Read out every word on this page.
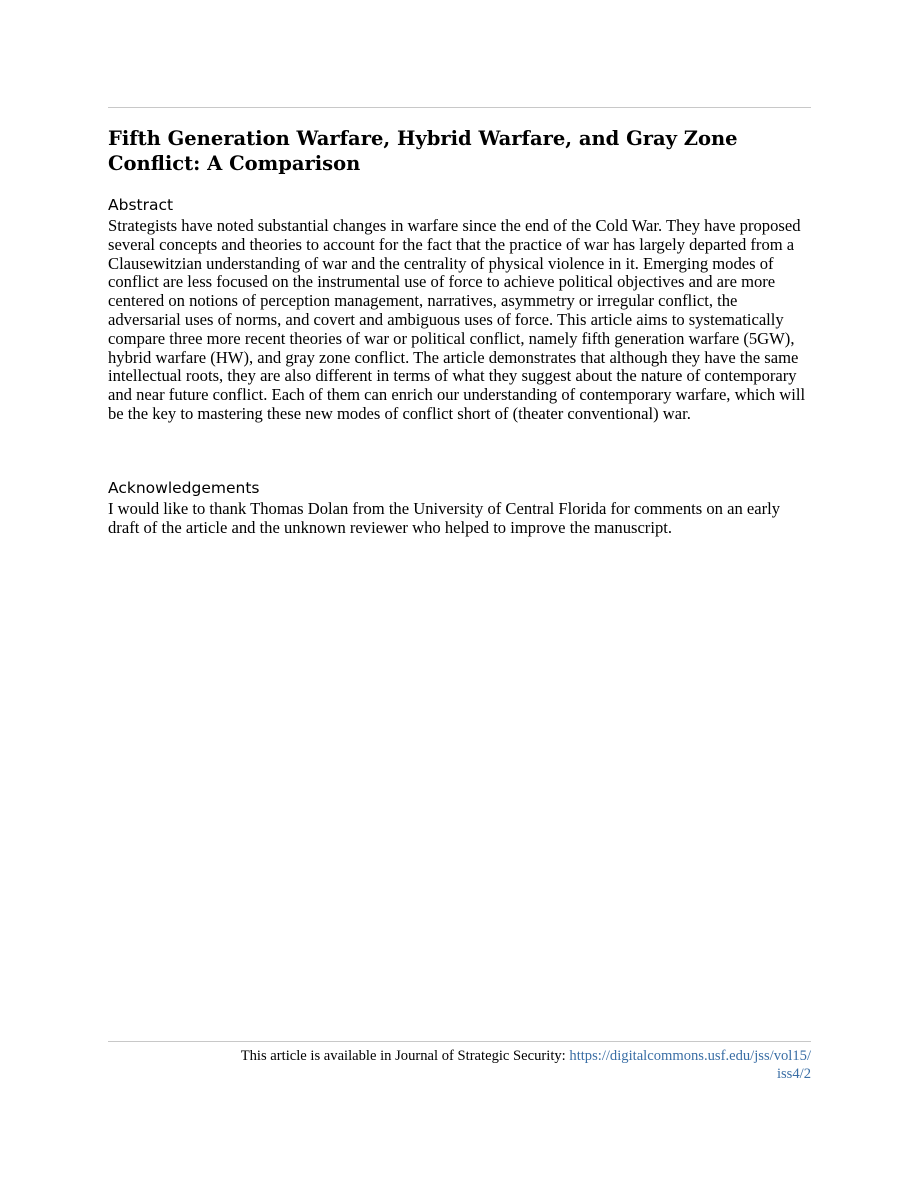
Fifth Generation Warfare, Hybrid Warfare, and Gray Zone Conflict: A Comparison
Abstract

Strategists have noted substantial changes in warfare since the end of the Cold War. They have proposed several concepts and theories to account for the fact that the practice of war has largely departed from a Clausewitzian understanding of war and the centrality of physical violence in it. Emerging modes of conflict are less focused on the instrumental use of force to achieve political objectives and are more centered on notions of perception management, narratives, asymmetry or irregular conflict, the adversarial uses of norms, and covert and ambiguous uses of force. This article aims to systematically compare three more recent theories of war or political conflict, namely fifth generation warfare (5GW), hybrid warfare (HW), and gray zone conflict. The article demonstrates that although they have the same intellectual roots, they are also different in terms of what they suggest about the nature of contemporary and near future conflict. Each of them can enrich our understanding of contemporary warfare, which will be the key to mastering these new modes of conflict short of (theater conventional) war.

Acknowledgements

I would like to thank Thomas Dolan from the University of Central Florida for comments on an early draft of the article and the unknown reviewer who helped to improve the manuscript.

This article is available in Journal of Strategic Security: https://digitalcommons.usf.edu/jss/vol15/
iss4/2
